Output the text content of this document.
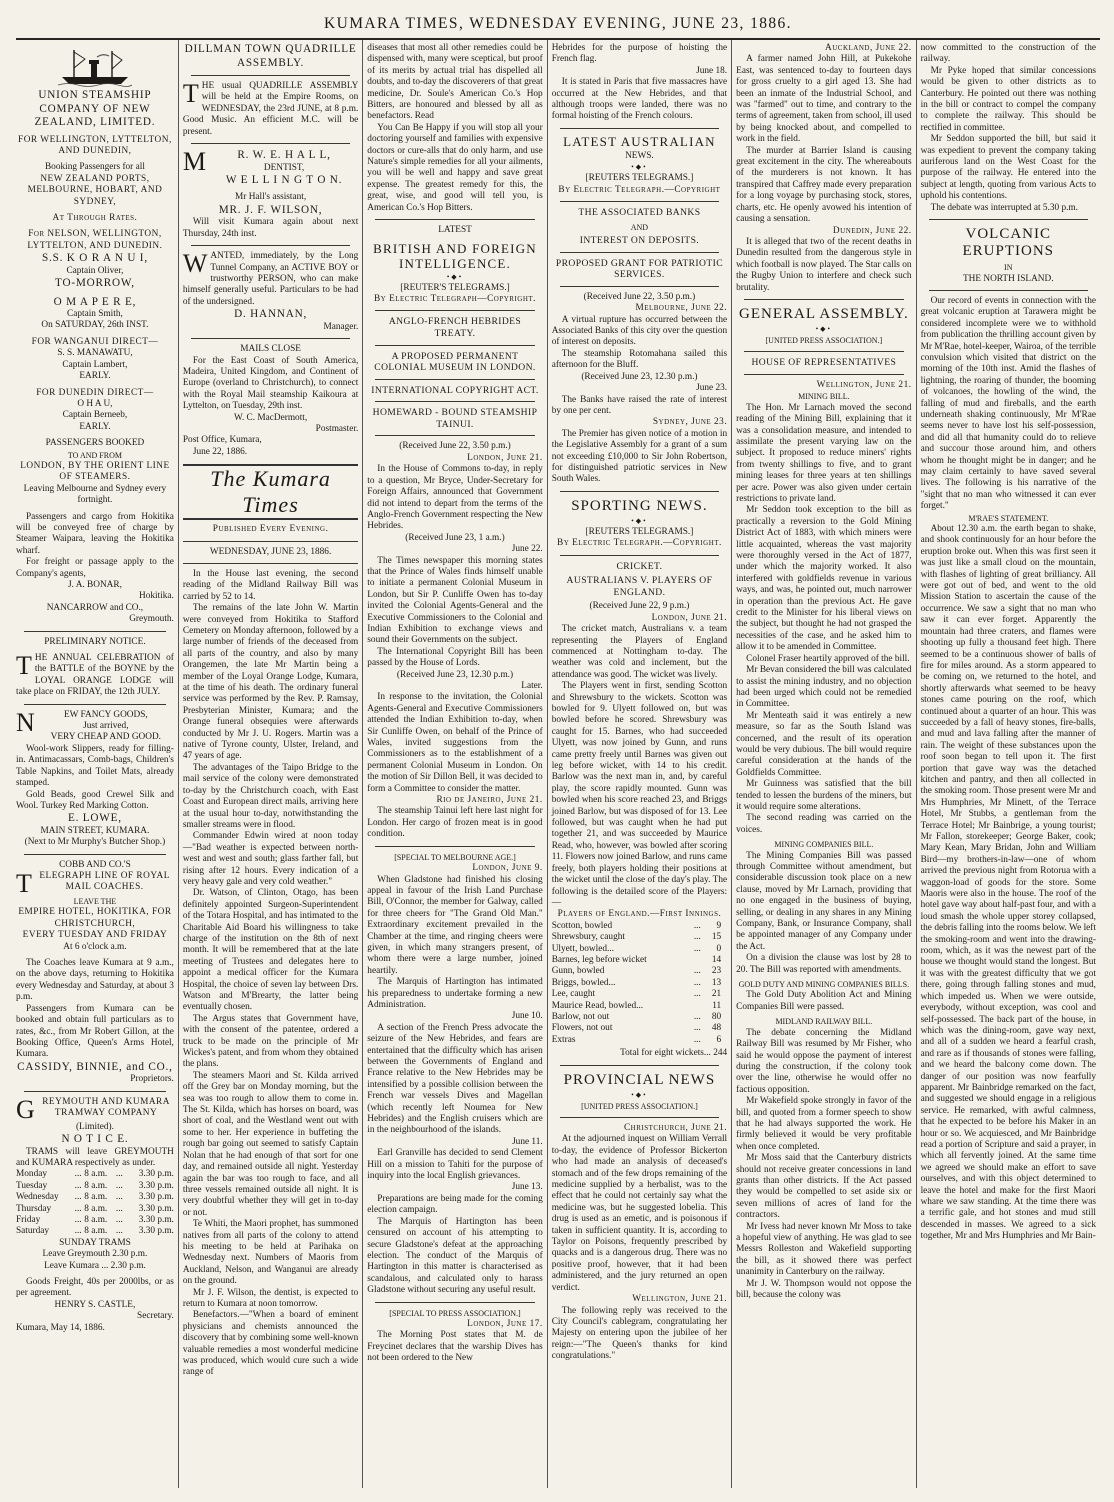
KUMARA TIMES, WEDNESDAY EVENING, JUNE 23, 1886.
UNION STEAMSHIP COMPANY OF NEW ZEALAND, LIMITED.
FOR WELLINGTON, LYTTELTON, AND DUNEDIN,
Booking Passengers for all
NEW ZEALAND PORTS, MELBOURNE, HOBART, AND SYDNEY,
At Through Rates.
For NELSON, WELLINGTON, LYTTELTON, AND DUNEDIN.
S.S. K O R A N U I,
Captain Oliver,
TO-MORROW,
O M A P E R E,
Captain Smith,
On SATURDAY, 26th INST.
FOR WANGANUI DIRECT—
S. S. MANAWATU,
Captain Lambert,
EARLY.
FOR DUNEDIN DIRECT—
O H A U,
Captain Berneeb,
EARLY.
PASSENGERS BOOKED
TO AND FROM
LONDON, BY THE ORIENT LINE OF STEAMERS.
Leaving Melbourne and Sydney every fortnight.
Passengers and cargo from Hokitika will be conveyed free of charge by Steamer Waipara, leaving the Hokitika wharf.
For freight or passage apply to the Company's agents,
J. A. BONAR,
Hokitika.
NANCARROW and CO.,
Greymouth.
PRELIMINARY NOTICE.
THE ANNUAL CELEBRATION of the BATTLE of the BOYNE by the LOYAL ORANGE LODGE will take place on FRIDAY, the 12th JULY.
N	EW FANCY GOODS,
Just arrived,
VERY CHEAP AND GOOD.
Wool-work Slippers, ready for filling-in. Antimacassars, Comb-bags, Children's Table Napkins, and Toilet Mats, already stamped.
Gold Beads, good Crewel Silk and Wool. Turkey Red Marking Cotton.
E. LOWE,
MAIN STREET, KUMARA.
(Next to Mr Murphy's Butcher Shop.)
COBB AND CO.'S
TELEGRAPH LINE OF ROYAL MAIL COACHES.
LEAVE THE
EMPIRE HOTEL, HOKITIKA, FOR CHRISTCHURCH,
EVERY TUESDAY AND FRIDAY
At 6 o'clock a.m.
The Coaches leave Kumara at 9 a.m., on the above days, returning to Hokitika every Wednesday and Saturday, at about 3 p.m.
Passengers from Kumara can be booked and obtain full particulars as to rates, &c., from Mr Robert Gillon, at the Booking Office, Queen's Arms Hotel, Kumara.
CASSIDY, BINNIE, and CO.,
Proprietors.
GREYMOUTH AND KUMARA TRAMWAY COMPANY
(Limited).
N O T I C E.
TRAMS will leave GREYMOUTH and KUMARA respectively as under.
Monday	...	8 a.m.	...	3.30 p.m.
Tuesday	...	8 a.m.	...	3.30 p.m.
Wednesday	...	8 a.m.	...	3.30 p.m.
Thursday	...	8 a.m.	...	3.30 p.m.
Friday	...	8 a.m.	...	3.30 p.m.
Saturday	...	8 a.m.	...	3.30 p.m.
SUNDAY TRAMS
Leave Greymouth 2.30 p.m.
Leave Kumara ... 2.30 p.m.
Goods Freight, 40s per 2000lbs, or as per agreement.
HENRY S. CASTLE,
Secretary.
Kumara, May 14, 1886.
DILLMAN TOWN QUADRILLE ASSEMBLY.
THE usual QUADRILLE ASSEMBLY will be held at the Empire Rooms, on WEDNESDAY, the 23rd JUNE, at 8 p.m. Good Music. An efficient M.C. will be present.
M	R. W. E. H A L L,
DENTIST,
W E L L I N G T O N.
Mr Hall's assistant,
MR. J. F. WILSON,
Will visit Kumara again about next Thursday, 24th inst.
WANTED, immediately, by the Long Tunnel Company, an ACTIVE BOY or trustworthy PERSON, who can make himself generally useful. Particulars to be had of the undersigned.
D. HANNAN,
Manager.
MAILS CLOSE
For the East Coast of South America, Madeira, United Kingdom, and Continent of Europe (overland to Christchurch), to connect with the Royal Mail steamship Kaikoura at Lyttelton, on Tuesday, 29th inst.
W. C. MacDermott,
Postmaster.
Post Office, Kumara,
June 22, 1886.
The Kumara Times
Published Every Evening.
WEDNESDAY, JUNE 23, 1886.
In the House last evening, the second reading of the Midland Railway Bill was carried by 52 to 14.
The remains of the late John W. Martin were conveyed from Hokitika to Stafford Cemetery on Monday afternoon, followed by a large number of friends of the deceased from all parts of the country, and also by many Orangemen, the late Mr Martin being a member of the Loyal Orange Lodge, Kumara, at the time of his death. The ordinary funeral service was performed by the Rev. P. Ramsay, Presbyterian Minister, Kumara; and the Orange funeral obsequies were afterwards conducted by Mr J. U. Rogers. Martin was a native of Tyrone county, Ulster, Ireland, and 47 years of age.
The advantages of the Taipo Bridge to the mail service of the colony were demonstrated to-day by the Christchurch coach, with East Coast and European direct mails, arriving here at the usual hour to-day, notwithstanding the smaller streams were in flood.
Commander Edwin wired at noon today—"Bad weather is expected between north-west and west and south; glass farther fall, but rising after 12 hours. Every indication of a very heavy gale and very cold weather."
Dr. Watson, of Clinton, Otago, has been definitely appointed Surgeon-Superintendent of the Totara Hospital, and has intimated to the Charitable Aid Board his willingness to take charge of the institution on the 8th of next month. It will be remembered that at the late meeting of Trustees and delegates here to appoint a medical officer for the Kumara Hospital, the choice of seven lay between Drs. Watson and M'Brearty, the latter being eventually chosen.
The Argus states that Government have, with the consent of the patentee, ordered a truck to be made on the principle of Mr Wickes's patent, and from whom they obtained the plans.
The steamers Maori and St. Kilda arrived off the Grey bar on Monday morning, but the sea was too rough to allow them to come in. The St. Kilda, which has horses on board, was short of coal, and the Westland went out with some to her. Her experience in buffeting the rough bar going out seemed to satisfy Captain Nolan that he had enough of that sort for one day, and remained outside all night. Yesterday again the bar was too rough to face, and all three vessels remained outside all night. It is very doubtful whether they will get in to-day or not.
Te Whiti, the Maori prophet, has summoned natives from all parts of the colony to attend his meeting to be held at Parihaka on Wednesday next. Numbers of Maoris from Auckland, Nelson, and Wanganui are already on the ground.
Mr J. F. Wilson, the dentist, is expected to return to Kumara at noon tomorrow.
Benefactors.—"When a board of eminent physicians and chemists announced the discovery that by combining some well-known valuable remedies a most wonderful medicine was produced, which would cure such a wide range of
diseases that most all other remedies could be dispensed with, many were sceptical, but proof of its merits by actual trial has dispelled all doubts, and to-day the discoverers of that great medicine, Dr. Soule's American Co.'s Hop Bitters, are honoured and blessed by all as benefactors. Read
You Can Be Happy if you will stop all your doctoring yourself and families with expensive doctors or cure-alls that do only harm, and use Nature's simple remedies for all your ailments, you will be well and happy and save great expense. The greatest remedy for this, the great, wise, and good will tell you, is American Co.'s Hop Bitters.
LATEST
BRITISH AND FOREIGN INTELLIGENCE.
•◆•
[REUTER'S TELEGRAMS.]
By Electric Telegraph—Copyright.
ANGLO-FRENCH HEBRIDES TREATY.
A PROPOSED PERMANENT COLONIAL MUSEUM IN LONDON.
INTERNATIONAL COPYRIGHT ACT.
HOMEWARD - BOUND STEAMSHIP TAINUI.
(Received June 22, 3.50 p.m.)
London, June 21.
In the House of Commons to-day, in reply to a question, Mr Bryce, Under-Secretary for Foreign Affairs, announced that Government did not intend to depart from the terms of the Anglo-French Government respecting the New Hebrides.
(Received June 23, 1 a.m.)
June 22.
The Times newspaper this morning states that the Prince of Wales finds himself unable to initiate a permanent Colonial Museum in London, but Sir P. Cunliffe Owen has to-day invited the Colonial Agents-General and the Executive Commissioners to the Colonial and Indian Exhibition to exchange views and sound their Governments on the subject.
The International Copyright Bill has been passed by the House of Lords.
(Received June 23, 12.30 p.m.)
Later.
In response to the invitation, the Colonial Agents-General and Executive Commissioners attended the Indian Exhibition to-day, when Sir Cunliffe Owen, on behalf of the Prince of Wales, invited suggestions from the Commissioners as to the establishment of a permanent Colonial Museum in London. On the motion of Sir Dillon Bell, it was decided to form a Committee to consider the matter.
Rio de Janeiro, June 21.
The steamship Tainui left here last night for London. Her cargo of frozen meat is in good condition.
[SPECIAL TO MELBOURNE AGE.]
London, June 9.
When Gladstone had finished his closing appeal in favour of the Irish Land Purchase Bill, O'Connor, the member for Galway, called for three cheers for "The Grand Old Man." Extraordinary excitement prevailed in the Chamber at the time, and ringing cheers were given, in which many strangers present, of whom there were a large number, joined heartily.
The Marquis of Hartington has intimated his preparedness to undertake forming a new Administration.
June 10.
A section of the French Press advocate the seizure of the New Hebrides, and fears are entertained that the difficulty which has arisen between the Governments of England and France relative to the New Hebrides may be intensified by a possible collision between the French war vessels Dives and Magellan (which recently left Noumea for New Hebrides) and the English cruisers which are in the neighbourhood of the islands.
June 11.
Earl Granville has decided to send Clement Hill on a mission to Tahiti for the purpose of inquiry into the local English grievances.
June 13.
Preparations are being made for the coming election campaign.
The Marquis of Hartington has been censured on account of his attempting to secure Gladstone's defeat at the approaching election. The conduct of the Marquis of Hartington in this matter is characterised as scandalous, and calculated only to harass Gladstone without securing any useful result.
[SPECIAL TO PRESS ASSOCIATION.]
London, June 17.
The Morning Post states that M. de Freycinet declares that the warship Dives has not been ordered to the New
Hebrides for the purpose of hoisting the French flag.
June 18.
It is stated in Paris that five massacres have occurred at the New Hebrides, and that although troops were landed, there was no formal hoisting of the French colours.
LATEST AUSTRALIAN
NEWS.
•◆•
[REUTERS TELEGRAMS.]
By Electric Telegraph.—Copyright
THE ASSOCIATED BANKS
AND
INTEREST ON DEPOSITS.
PROPOSED GRANT FOR PATRIOTIC SERVICES.
(Received June 22, 3.50 p.m.)
Melbourne, June 22.
A virtual rupture has occurred between the Associated Banks of this city over the question of interest on deposits.
The steamship Rotomahana sailed this afternoon for the Bluff.
(Received June 23, 12.30 p.m.)
June 23.
The Banks have raised the rate of interest by one per cent.
Sydney, June 23.
The Premier has given notice of a motion in the Legislative Assembly for a grant of a sum not exceeding £10,000 to Sir John Robertson, for distinguished patriotic services in New South Wales.
SPORTING NEWS.
•◆•
[REUTERS TELEGRAMS.]
By Electric Telegraph.—Copyright.
CRICKET.
AUSTRALIANS V. PLAYERS OF ENGLAND.
(Received June 22, 9 p.m.)
London, June 21.
The cricket match, Australians v. a team representing the Players of England commenced at Nottingham to-day. The weather was cold and inclement, but the attendance was good. The wicket was lively.
The Players went in first, sending Scotton and Shrewsbury to the wickets. Scotton was bowled for 9. Ulyett followed on, but was bowled before he scored. Shrewsbury was caught for 15. Barnes, who had succeeded Ulyett, was now joined by Gunn, and runs came pretty freely until Barnes was given out leg before wicket, with 14 to his credit. Barlow was the next man in, and, by careful play, the score rapidly mounted. Gunn was bowled when his score reached 23, and Briggs joined Barlow, but was disposed of for 13. Lee followed, but was caught when he had put together 21, and was succeeded by Maurice Read, who, however, was bowled after scoring 11. Flowers now joined Barlow, and runs came freely, both players holding their positions at the wicket until the close of the day's play. The following is the detailed score of the Players:—
Players of England.—First Innings.
Scotton, bowled	...	9
Shrewsbury, caught	...	15
Ulyett, bowled...	...	0
Barnes, leg before wicket		14
Gunn, bowled	...	23
Briggs, bowled...	...	13
Lee, caught	...	21
Maurice Read, bowled...		11
Barlow, not out	...	80
Flowers, not out	...	48
Extras	...	6
Total for eight wickets... 244
PROVINCIAL NEWS
•◆•
[UNITED PRESS ASSOCIATION.]
Christchurch, June 21.
At the adjourned inquest on William Verrall to-day, the evidence of Professor Bickerton who had made an analysis of deceased's stomach and of the few drops remaining of the medicine supplied by a herbalist, was to the effect that he could not certainly say what the medicine was, but he suggested lobelia. This drug is used as an emetic, and is poisonous if taken in sufficient quantity. It is, according to Taylor on Poisons, frequently prescribed by quacks and is a dangerous drug. There was no positive proof, however, that it had been administered, and the jury returned an open verdict.
Wellington, June 21.
The following reply was received to the City Council's cablegram, congratulating her Majesty on entering upon the jubilee of her reign:—"The Queen's thanks for kind congratulations."
Auckland, June 22.
A farmer named John Hill, at Pukekohe East, was sentenced to-day to fourteen days for gross cruelty to a girl aged 13. She had been an inmate of the Industrial School, and was "farmed" out to time, and contrary to the terms of agreement, taken from school, ill used by being knocked about, and compelled to work in the field.
The murder at Barrier Island is causing great excitement in the city. The whereabouts of the murderers is not known. It has transpired that Caffrey made every preparation for a long voyage by purchasing stock, stores, charts, etc. He openly avowed his intention of causing a sensation.
Dunedin, June 22.
It is alleged that two of the recent deaths in Dunedin resulted from the dangerous style in which football is now played. The Star calls on the Rugby Union to interfere and check such brutality.
GENERAL ASSEMBLY.
•◆•
[UNITED PRESS ASSOCIATION.]
HOUSE OF REPRESENTATIVES
Wellington, June 21.
MINING BILL.
The Hon. Mr Larnach moved the second reading of the Mining Bill, explaining that it was a consolidation measure, and intended to assimilate the present varying law on the subject. It proposed to reduce miners' rights from twenty shillings to five, and to grant mining leases for three years at ten shillings per acre. Power was also given under certain restrictions to private land.
Mr Seddon took exception to the bill as practically a reversion to the Gold Mining District Act of 1883, with which miners were little acquainted, whereas the vast majority were thoroughly versed in the Act of 1877, under which the majority worked. It also interfered with goldfields revenue in various ways, and was, he pointed out, much narrower in operation than the previous Act. He gave credit to the Minister for his liberal views on the subject, but thought he had not grasped the necessities of the case, and he asked him to allow it to be amended in Committee.
Colonel Fraser heartily approved of the bill.
Mr Bevan considered the bill was calculated to assist the mining industry, and no objection had been urged which could not be remedied in Committee.
Mr Menteath said it was entirely a new measure, so far as the South Island was concerned, and the result of its operation would be very dubious. The bill would require careful consideration at the hands of the Goldfields Committee.
Mr Guinness was satisfied that the bill tended to lessen the burdens of the miners, but it would require some alterations.
The second reading was carried on the voices.
MINING COMPANIES BILL.
The Mining Companies Bill was passed through Committee without amendment, but considerable discussion took place on a new clause, moved by Mr Larnach, providing that no one engaged in the business of buying, selling, or dealing in any shares in any Mining Company, Bank, or Insurance Company, shall be appointed manager of any Company under the Act.
On a division the clause was lost by 28 to 20. The Bill was reported with amendments.
GOLD DUTY AND MINING COMPANIES BILLS.
The Gold Duty Abolition Act and Mining Companies Bill were passed.
MIDLAND RAILWAY BILL.
The debate concerning the Midland Railway Bill was resumed by Mr Fisher, who said he would oppose the payment of interest during the construction, if the colony took over the line, otherwise he would offer no factious opposition.
Mr Wakefield spoke strongly in favor of the bill, and quoted from a former speech to show that he had always supported the work. He firmly believed it would be very profitable when once completed.
Mr Moss said that the Canterbury districts should not receive greater concessions in land grants than other districts. If the Act passed they would be compelled to set aside six or seven millions of acres of land for the contractors.
Mr Ivess had never known Mr Moss to take a hopeful view of anything. He was glad to see Messrs Rolleston and Wakefield supporting the bill, as it showed there was perfect unanimity in Canterbury on the railway.
Mr J. W. Thompson would not oppose the bill, because the colony was
now committed to the construction of the railway.
Mr Pyke hoped that similar concessions would be given to other districts as to Canterbury. He pointed out there was nothing in the bill or contract to compel the company to complete the railway. This should be rectified in committee.
Mr Seddon supported the bill, but said it was expedient to prevent the company taking auriferous land on the West Coast for the purpose of the railway. He entered into the subject at length, quoting from various Acts to uphold his contentions.
The debate was interrupted at 5.30 p.m.
VOLCANIC ERUPTIONS
IN
THE NORTH ISLAND.
Our record of events in connection with the great volcanic eruption at Tarawera might be considered incomplete were we to withhold from publication the thrilling account given by Mr M'Rae, hotel-keeper, Wairoa, of the terrible convulsion which visited that district on the morning of the 10th inst. Amid the flashes of lightning, the roaring of thunder, the booming of volcanoes, the howling of the wind, the falling of mud and fireballs, and the earth underneath shaking continuously, Mr M'Rae seems never to have lost his self-possession, and did all that humanity could do to relieve and succour those around him, and others whom he thought might be in danger; and he may claim certainly to have saved several lives. The following is his narrative of the "sight that no man who witnessed it can ever forget."
M'RAE'S STATEMENT.
About 12.30 a.m. the earth began to shake, and shook continuously for an hour before the eruption broke out. When this was first seen it was just like a small cloud on the mountain, with flashes of lighting of great brilliancy. All were got out of bed, and went to the old Mission Station to ascertain the cause of the occurrence. We saw a sight that no man who saw it can ever forget. Apparently the mountain had three craters, and flames were shooting up fully a thousand feet high. There seemed to be a continuous shower of balls of fire for miles around. As a storm appeared to be coming on, we returned to the hotel, and shortly afterwards what seemed to be heavy stones came pouring on the roof, which continued about a quarter of an hour. This was succeeded by a fall of heavy stones, fire-balls, and mud and lava falling after the manner of rain. The weight of these substances upon the roof soon began to tell upon it. The first portion that gave way was the detached kitchen and pantry, and then all collected in the smoking room. Those present were Mr and Mrs Humphries, Mr Minett, of the Terrace Hotel, Mr Stubbs, a gentleman from the Terrace Hotel; Mr Bainbrige, a young tourist; Mr Fallon, storekeeper; George Baker, cook; Mary Kean, Mary Bridan, John and William Bird—my brothers-in-law—one of whom arrived the previous night from Rotorua with a waggon-load of goods for the store. Some Maoris were also in the house. The roof of the hotel gave way about half-past four, and with a loud smash the whole upper storey collapsed, the debris falling into the rooms below. We left the smoking-room and went into the drawing-room, which, as it was the newest part of the house we thought would stand the longest. But it was with the greatest difficulty that we got there, going through falling stones and mud, which impeded us. When we were outside, everybody, without exception, was cool and self-possessed. The back part of the house, in which was the dining-room, gave way next, and all of a sudden we heard a fearful crash, and rare as if thousands of stones were falling, and we heard the balcony come down. The danger of our position was now fearfully apparent. Mr Bainbridge remarked on the fact, and suggested we should engage in a religious service. He remarked, with awful calmness, that he expected to be before his Maker in an hour or so. We acquiesced, and Mr Bainbridge read a portion of Scripture and said a prayer, in which all fervently joined. At the same time we agreed we should make an effort to save ourselves, and with this object determined to leave the hotel and make for the first Maori whare we saw standing. At the time there was a terrific gale, and hot stones and mud still descended in masses. We agreed to a sick together, Mr and Mrs Humphries and Mr Bain-
